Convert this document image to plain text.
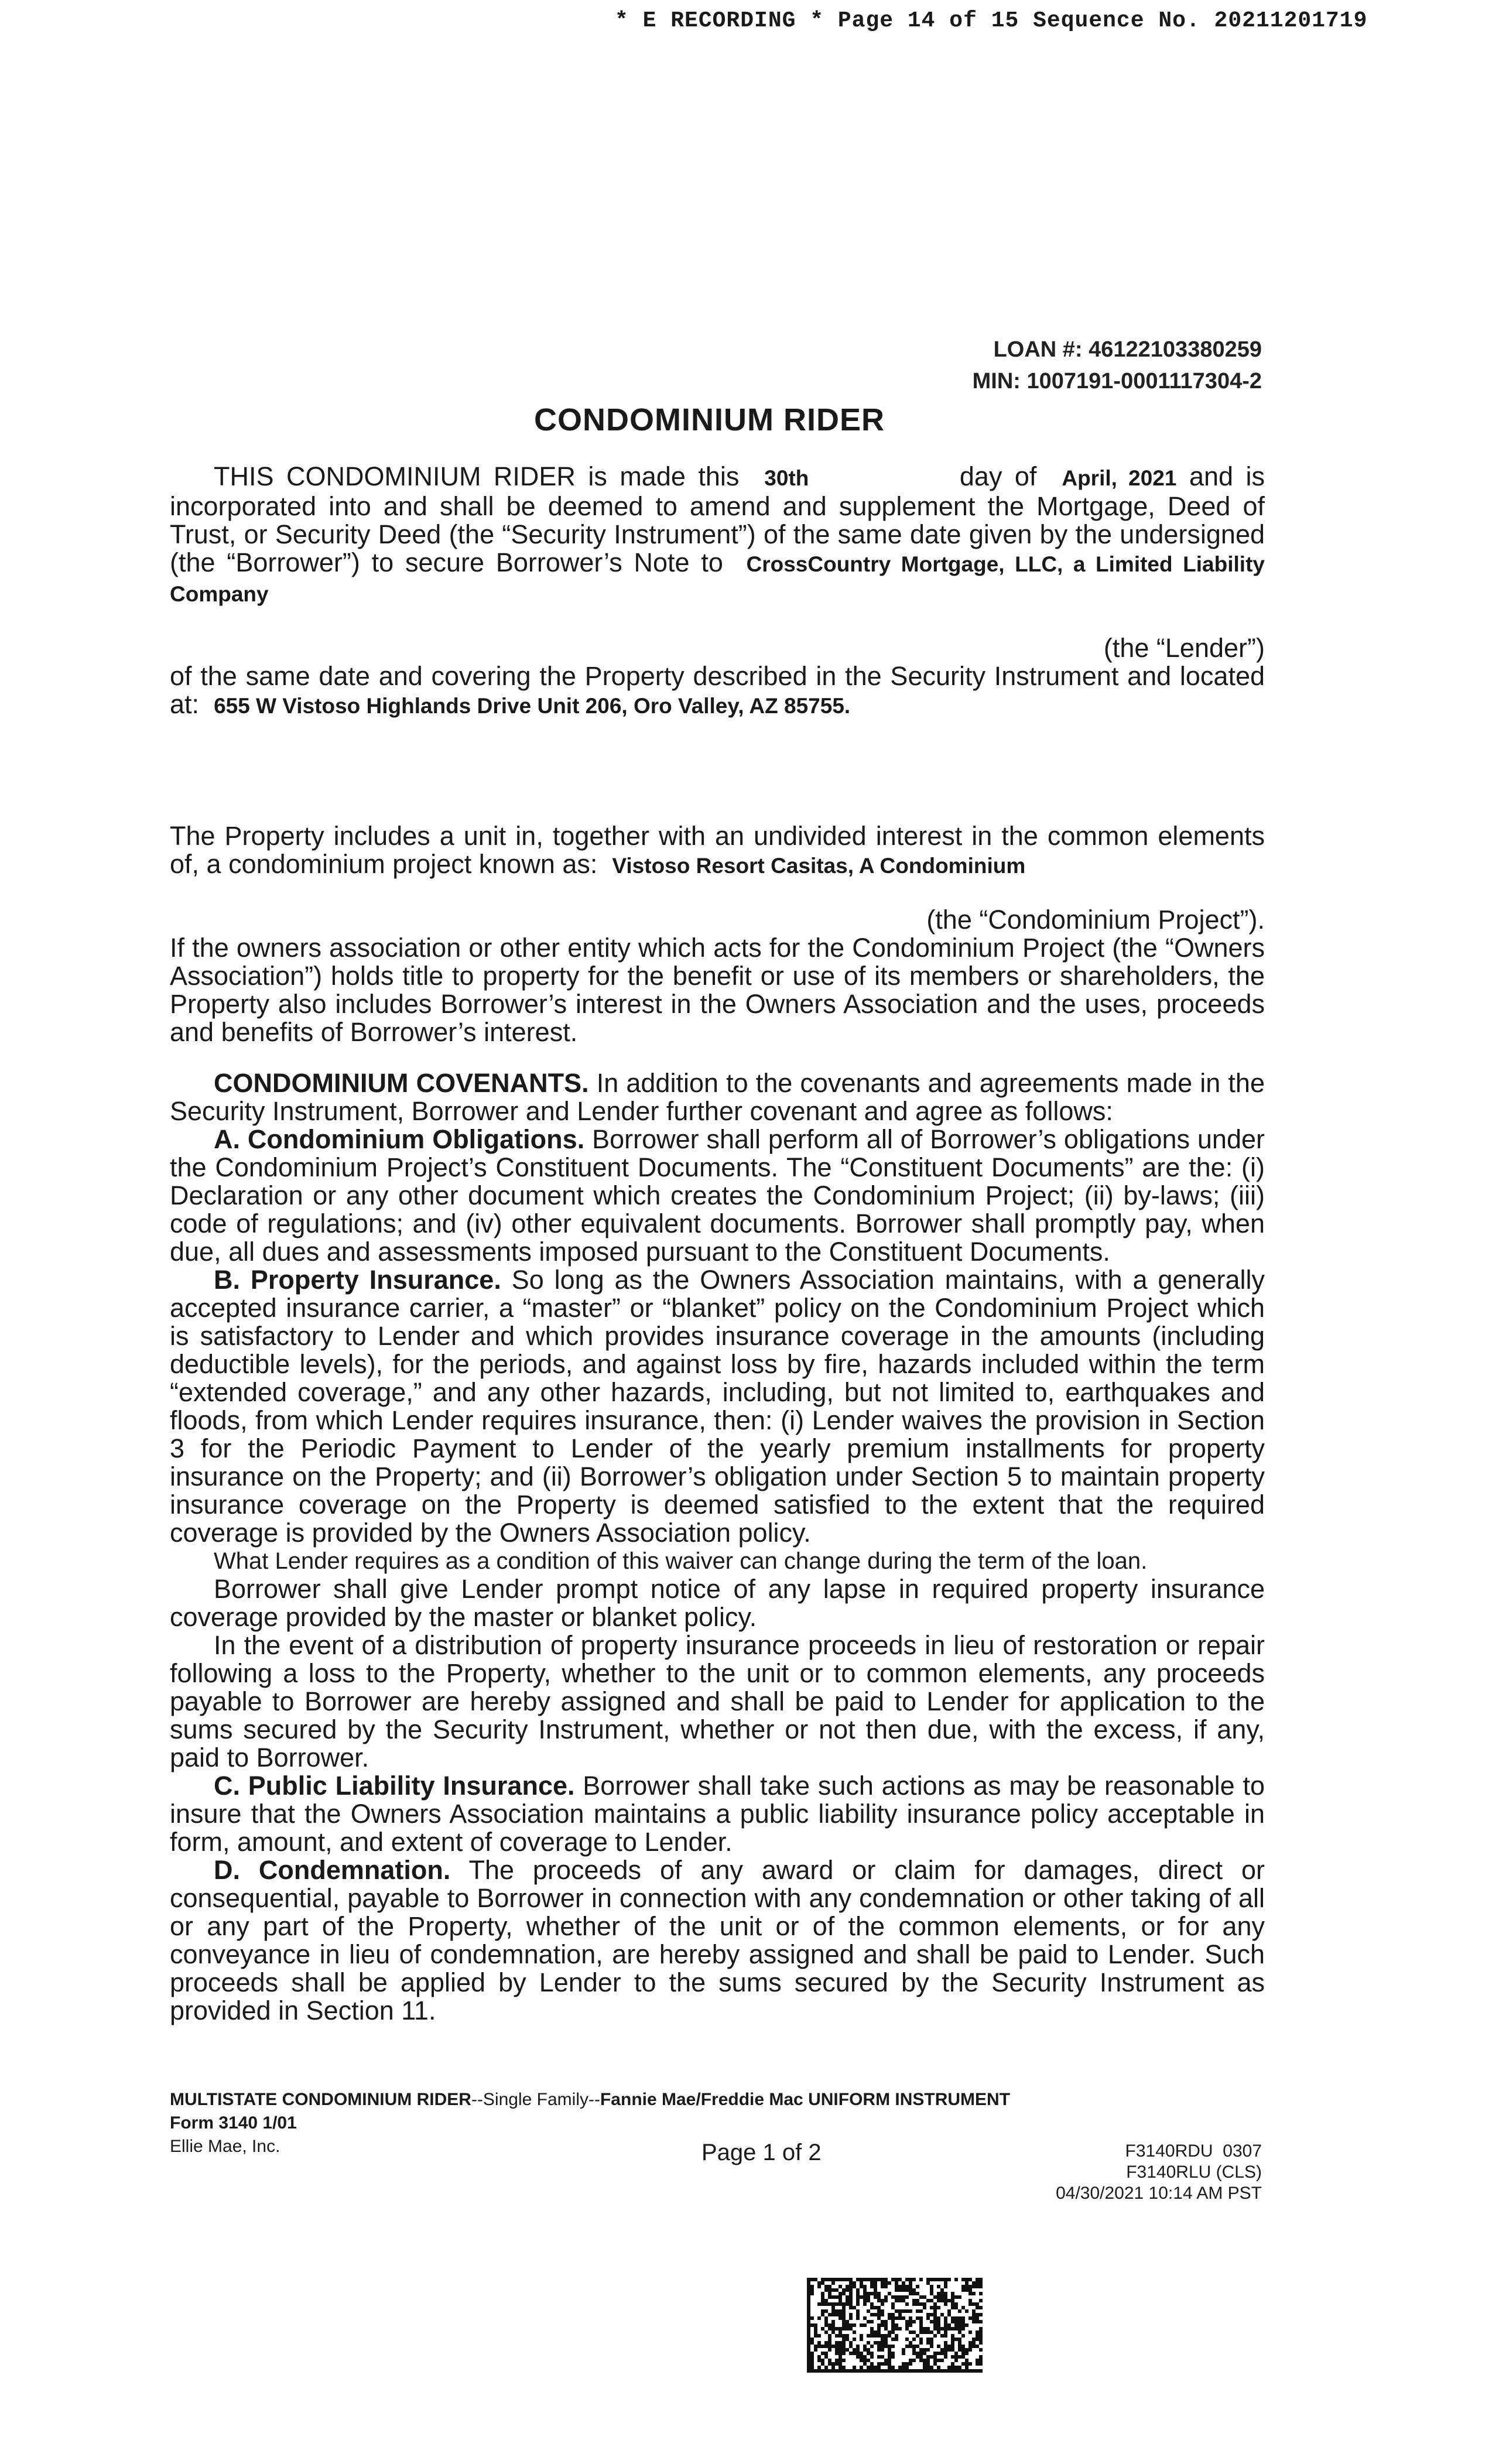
* E RECORDING * Page 14 of 15 Sequence No. 20211201719
LOAN #: 46122103380259
MIN: 1007191-0001117304-2
CONDOMINIUM RIDER

THIS CONDOMINIUM RIDER is made this 30th	day of April, 2021 and is incorporated into and shall be deemed to amend and supplement the Mortgage, Deed of Trust, or Security Deed (the “Security Instrument”) of the same date given by the undersigned (the “Borrower”) to secure Borrower’s Note to CrossCountry Mortgage, LLC, a Limited Liability Company

(the “Lender”)

of the same date and covering the Property described in the Security Instrument and located at: 655 W Vistoso Highlands Drive Unit 206, Oro Valley, AZ 85755.

The Property includes a unit in, together with an undivided interest in the common elements of, a condominium project known as: Vistoso Resort Casitas, A Condominium

(the “Condominium Project”).

If the owners association or other entity which acts for the Condominium Project (the “Owners Association”) holds title to property for the benefit or use of its members or shareholders, the Property also includes Borrower’s interest in the Owners Association and the uses, proceeds and benefits of Borrower’s interest.

CONDOMINIUM COVENANTS. In addition to the covenants and agreements made in the Security Instrument, Borrower and Lender further covenant and agree as follows:

A. Condominium Obligations. Borrower shall perform all of Borrower’s obligations under the Condominium Project’s Constituent Documents. The “Constituent Documents” are the: (i) Declaration or any other document which creates the Condominium Project; (ii) by-laws; (iii) code of regulations; and (iv) other equivalent documents. Borrower shall promptly pay, when due, all dues and assessments imposed pursuant to the Constituent Documents.

B. Property Insurance. So long as the Owners Association maintains, with a generally accepted insurance carrier, a “master” or “blanket” policy on the Condominium Project which is satisfactory to Lender and which provides insurance coverage in the amounts (including deductible levels), for the periods, and against loss by fire, hazards included within the term “extended coverage,” and any other hazards, including, but not limited to, earthquakes and floods, from which Lender requires insurance, then: (i) Lender waives the provision in Section 3 for the Periodic Payment to Lender of the yearly premium installments for property insurance on the Property; and (ii) Borrower’s obligation under Section 5 to maintain property insurance coverage on the Property is deemed satisfied to the extent that the required coverage is provided by the Owners Association policy.

What Lender requires as a condition of this waiver can change during the term of the loan.

Borrower shall give Lender prompt notice of any lapse in required property insurance coverage provided by the master or blanket policy.

In the event of a distribution of property insurance proceeds in lieu of restoration or repair following a loss to the Property, whether to the unit or to common elements, any proceeds payable to Borrower are hereby assigned and shall be paid to Lender for application to the sums secured by the Security Instrument, whether or not then due, with the excess, if any, paid to Borrower.

C. Public Liability Insurance. Borrower shall take such actions as may be reasonable to insure that the Owners Association maintains a public liability insurance policy acceptable in form, amount, and extent of coverage to Lender.

D. Condemnation. The proceeds of any award or claim for damages, direct or consequential, payable to Borrower in connection with any condemnation or other taking of all or any part of the Property, whether of the unit or of the common elements, or for any conveyance in lieu of condemnation, are hereby assigned and shall be paid to Lender. Such proceeds shall be applied by Lender to the sums secured by the Security Instrument as provided in Section 11.

MULTISTATE CONDOMINIUM RIDER--Single Family--Fannie Mae/Freddie Mac UNIFORM INSTRUMENT
Form 3140 1/01
Ellie Mae, Inc.	Page 1 of 2	F3140RDU  0307
F3140RLU (CLS)
04/30/2021 10:14 AM PST
